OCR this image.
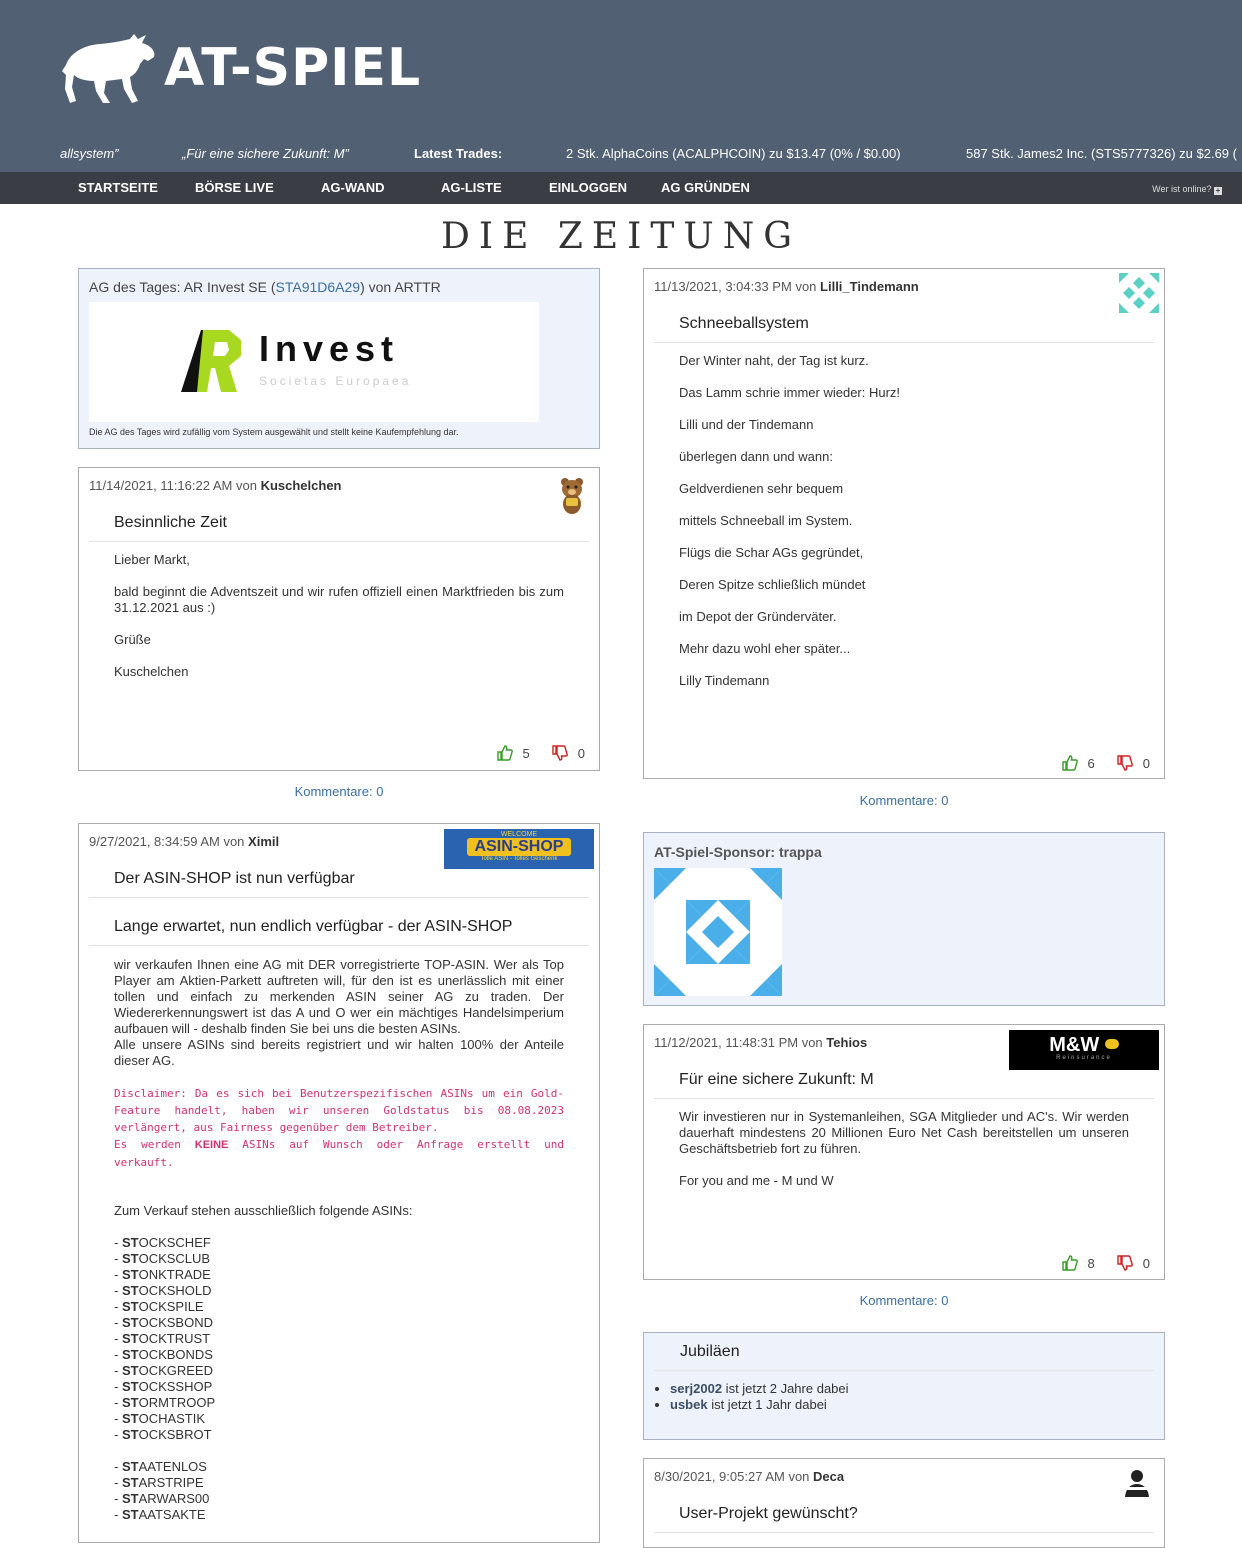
AT-SPIEL
allsystem”	„Für eine sichere Zukunft: M”	Latest Trades:	2 Stk. AlphaCoins (ACALPHCOIN) zu $13.47 (0% / $0.00)	587 Stk. James2 Inc. (STS5777326) zu $2.69 (
STARTSEITE	BÖRSE LIVE	AG-WAND	AG-LISTE	EINLOGGEN	AG GRÜNDEN	Wer ist online? +
DIE ZEITUNG
AG des Tages: AR Invest SE (STA91D6A29) von ARTTR
Invest
Societas Europaea
Die AG des Tages wird zufällig vom System ausgewählt und stellt keine Kaufempfehlung dar.
11/14/2021, 11:16:22 AM von Kuschelchen
Besinnliche Zeit

Lieber Markt,

bald beginnt die Adventszeit und wir rufen offiziell einen Marktfrieden bis zum 31.12.2021 aus :)

Grüße

Kuschelchen

5	0
Kommentare: 0
9/27/2021, 8:34:59 AM von Ximil	WELCOME
ASIN-SHOP
Tolle ASIN - Tolles Geschenk
Der ASIN-SHOP ist nun verfügbar
Lange erwartet, nun endlich verfügbar - der ASIN-SHOP
wir verkaufen Ihnen eine AG mit DER vorregistrierte TOP-ASIN. Wer als Top Player am Aktien-Parkett auftreten will, für den ist es unerlässlich mit einer tollen und einfach zu merkenden ASIN seiner AG zu traden. Der Wiedererkennungswert ist das A und O wer ein mächtiges Handelsimperium aufbauen will - deshalb finden Sie bei uns die besten ASINs.
Alle unsere ASINs sind bereits registriert und wir halten 100% der Anteile dieser AG.
Disclaimer: Da es sich bei Benutzerspezifischen ASINs um ein Gold-Feature handelt, haben wir unseren Goldstatus bis 08.08.2023 verlängert, aus Fairness gegenüber dem Betreiber.
Es werden KEINE ASINs auf Wunsch oder Anfrage erstellt und verkauft.
Zum Verkauf stehen ausschließlich folgende ASINs:
- STOCKSCHEF
- STOCKSCLUB
- STONKTRADE
- STOCKSHOLD
- STOCKSPILE
- STOCKSBOND
- STOCKTRUST
- STOCKBONDS
- STOCKGREED
- STOCKSSHOP
- STORMTROOP
- STOCHASTIK
- STOCKSBROT
- STAATENLOS
- STARSTRIPE
- STARWARS00
- STAATSAKTE
11/13/2021, 3:04:33 PM von Lilli_Tindemann
Schneeballsystem

Der Winter naht, der Tag ist kurz.

Das Lamm schrie immer wieder: Hurz!

Lilli und der Tindemann

überlegen dann und wann:

Geldverdienen sehr bequem

mittels Schneeball im System.

Flügs die Schar AGs gegründet,

Deren Spitze schließlich mündet

im Depot der Gründerväter.

Mehr dazu wohl eher später...

Lilly Tindemann

6	0
Kommentare: 0
AT-Spiel-Sponsor: trappa
11/12/2021, 11:48:31 PM von Tehios	M&W
Reinsurance
Für eine sichere Zukunft: M

Wir investieren nur in Systemanleihen, SGA Mitglieder und AC's. Wir werden dauerhaft mindestens 20 Millionen Euro Net Cash bereitstellen um unseren Geschäftsbetrieb fort zu führen.

For you and me - M und W

8	0
Kommentare: 0
Jubiläen
• serj2002 ist jetzt 2 Jahre dabei
• usbek ist jetzt 1 Jahr dabei
8/30/2021, 9:05:27 AM von Deca
User-Projekt gewünscht?
